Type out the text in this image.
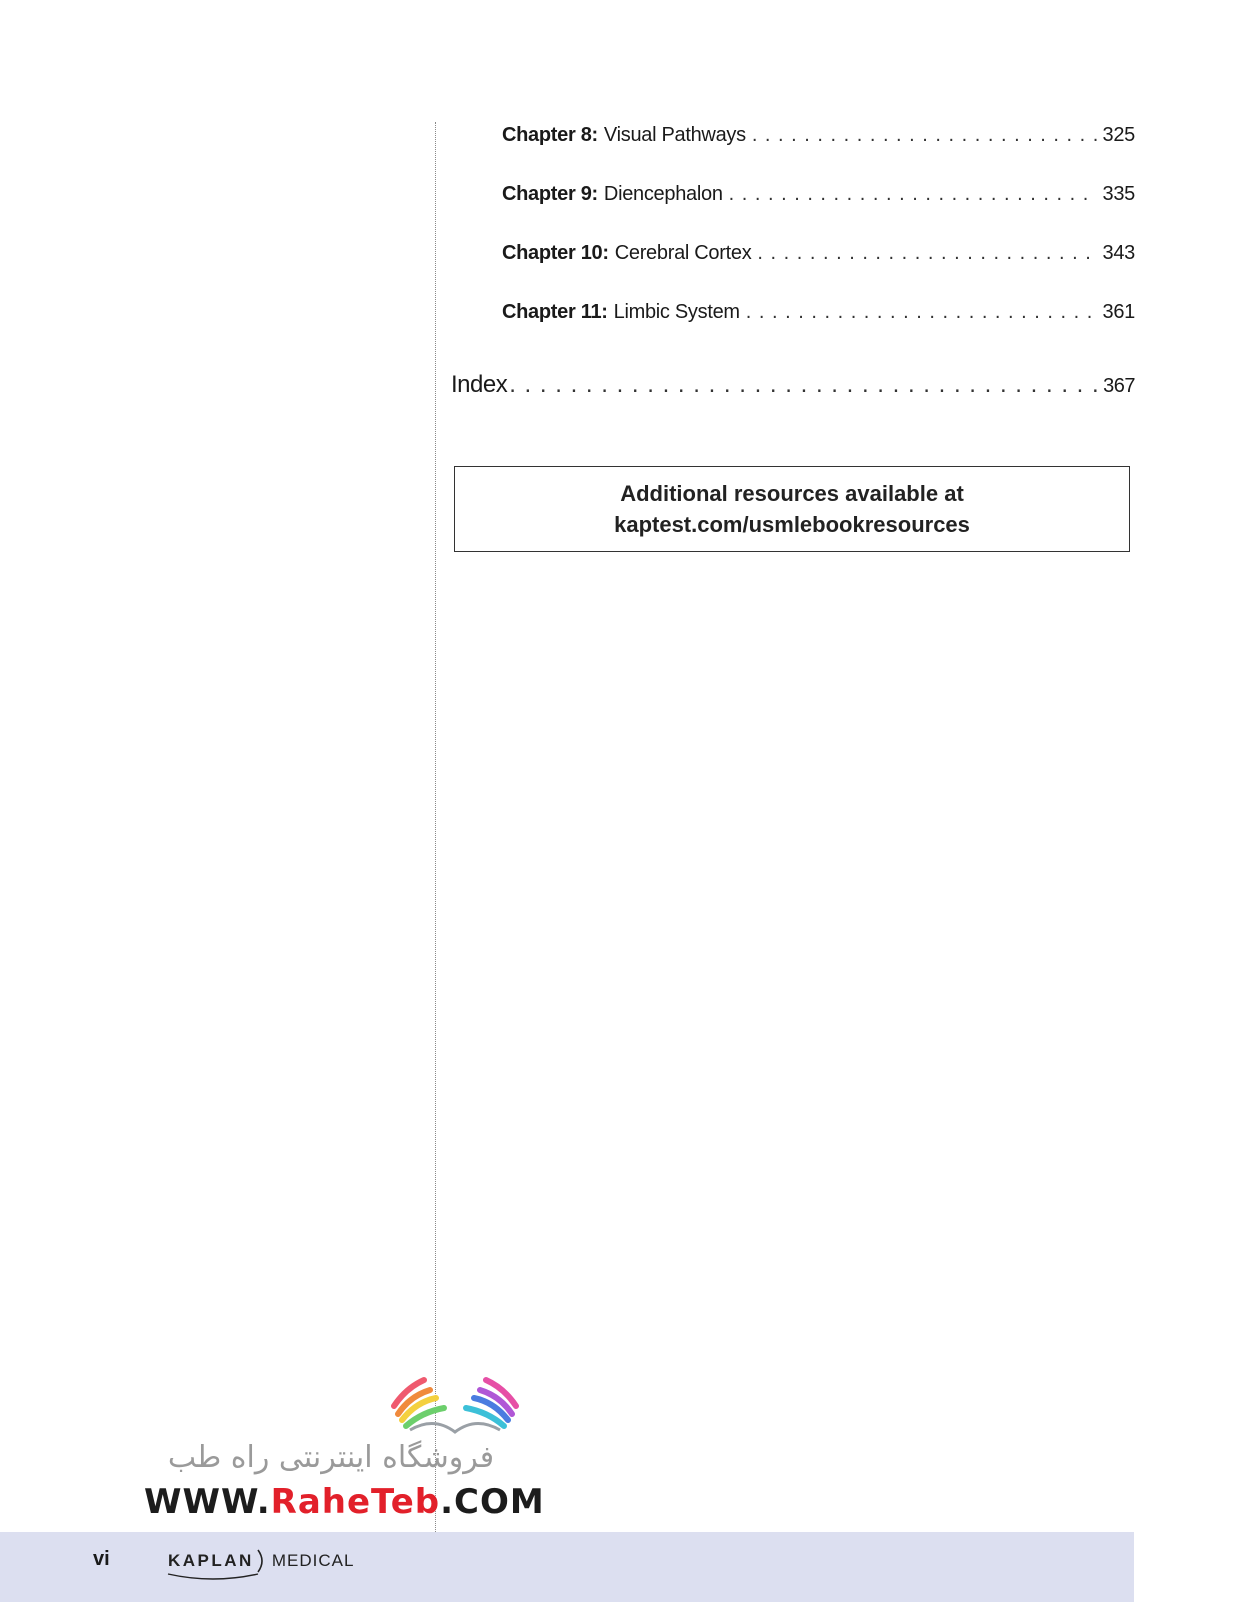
Chapter 8: Visual Pathways . . .	325
Chapter 9: Diencephalon . . .	335
Chapter 10: Cerebral Cortex . . .	343
Chapter 11: Limbic System . . .	361
Index . . .	367
Additional resources available at
kaptest.com/usmlebookresources
فروشگاه اینترنتی راه طب
WWW.RaheTeb.COM
vi	KAPLAN MEDICAL
